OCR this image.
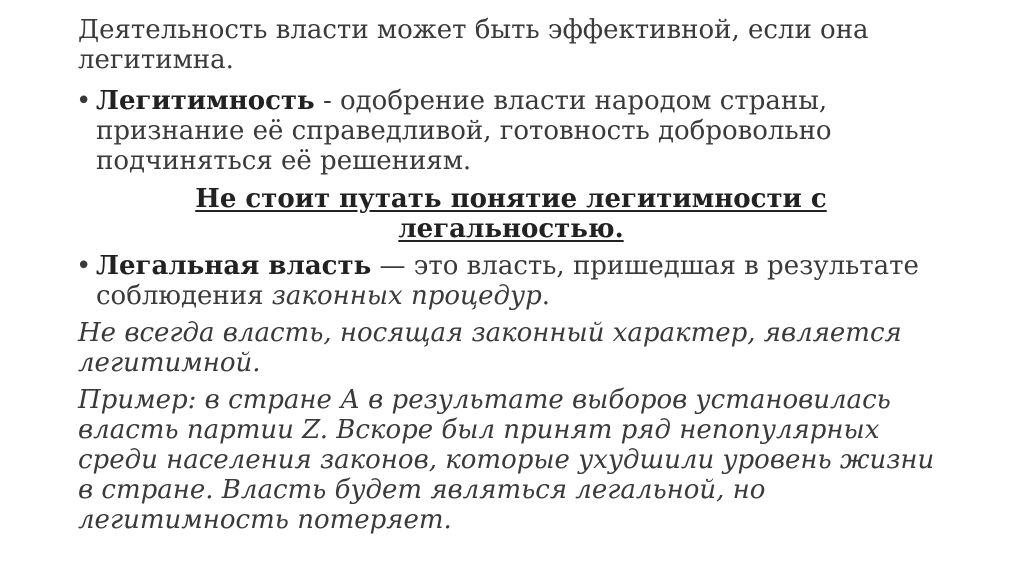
Деятельность власти может быть эффективной, если она
легитимна.

• Легитимность - одобрение власти народом страны,
признание её справедливой, готовность добровольно
подчиняться её решениям.

Не стоит путать понятие легитимности с
легальностью.
• Легальная власть — это власть, пришедшая в результате
соблюдения законных процедур.

Не всегда власть, носящая законный характер, является
легитимной.

Пример: в стране А в результате выборов установилась
власть партии Z. Вскоре был принят ряд непопулярных
среди населения законов, которые ухудшили уровень жизни
в стране. Власть будет являться легальной, но
легитимность потеряет.
